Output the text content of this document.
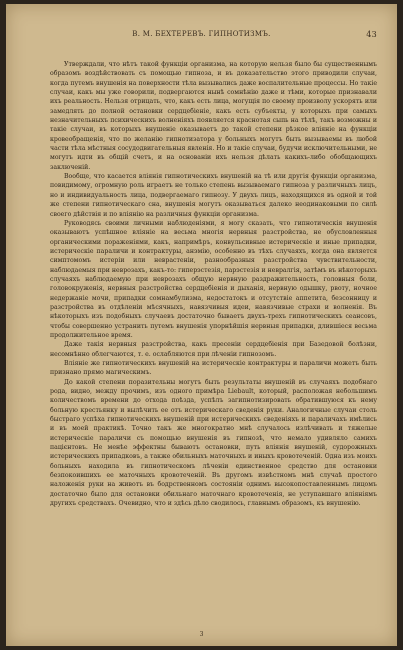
В. М. БЕХТЕРЕВЪ. ГИПНОТИЗМЪ.	43

Утверждали, что нѣтъ такой функціи организма, на которую нельзя было бы существеннымъ образомъ воздѣйствовать съ помощью гипноза, и въ доказательство этого приводили случаи, когда путемъ внушенія на поверхности тѣла вызывались даже воспалительные процессы. Но такіе случаи, какъ мы уже говорили, подвергаются нынѣ сомнѣнію даже и тѣми, которые признавали ихъ реальность. Нельзя отрицать, что, какъ есть лица, могущія по своему произволу ускорять или замедлять до полной остановки сердцебіеніе, какъ есть субъекты, у которыхъ при самыхъ незначительныхъ психическихъ волненіяхъ появляется краснотая сыпь на тѣлѣ, такъ возможны и такіе случаи, въ которыхъ внушеніе оказываетъ до такой степени рѣзкое вліяніе на функціи кровеобращенія, что по желанію гипнотизатора у больныхъ могутъ быть вызываемы въ любой части тѣла мѣстныя сосудодвигательныя явленія. Но и такіе случаи, будучи исключительными, не могутъ идти въ общій счетъ, и на основаніи ихъ нельзя дѣлать какихъ-либо обобщающихъ заключеній.

Вообще, что касается вліянія гипнотическихъ внушеній на тѣ или другія функціи организма, повидимому, огромную роль играетъ не только степень вызываемаго гипноза у различныхъ лицъ, но и индивидуальность лица, подвергаемаго гипнозу. У двухъ лицъ, находящихся въ одной и той же степени гипнотическаго сна, внушенія могутъ оказываться далеко неодинаковыми по силѣ своего дѣйствія и по вліянію на различныя функціи организма.

Руководясь своими личными наблюденіями, я могу сказать, что гипнотическія внушенія оказываютъ успѣшное вліяніе на весьма многія нервныя разстройства, не обусловленныя органическими пораженіями, какъ, напримѣръ, конвульсивные истерическіе и иные припадки, истерическіе параличи и контрактуры, анэмію, особенно въ тѣхъ случаяхъ, когда она является симптомомъ истеріи или неврастеніи, разнообразныя разстройства чувствительности, наблюдаемыя при неврозахъ, какъ-то: гиперэстезія, парэстезія и невралгія, затѣмъ въ нѣкоторыхъ случаяхъ наблюдаемую при неврозахъ общую нервную раздражительность, головныя боли, головокруженія, нервныя разстройства сердцебіенія и дыханія, нервную одышку, рвоту, ночное недержаніе мочи, припадки сомнамбулизма, недостатокъ и отсутствіе аппетита, безсонницу и разстройства въ отдѣленіи мѣсячныхъ, навязчивыя идеи, навязчивые страхи и волненія. Въ нѣкоторыхъ изъ подобныхъ случаевъ достаточно бываетъ двухъ-трехъ гипнотическихъ сеансовъ, чтобы совершенно устранить путемъ внушенія упорнѣйшія нервныя припадки, длившіеся весьма продолжительное время.

Даже такія нервныя разстройства, какъ пресеніи сердцебіенія при Базедовой болѣзни, несомнѣнно облегчаются, т. е. ослабляются при лѣченіи гипнозомъ.

Вліяніе же гипнотическихъ внушеній на истерическіе контрактуры и параличи можетъ быть признано прямо магическимъ.

До какой степени поразительны могутъ быть результаты внушеній въ случаяхъ подобнаго рода, видно, между прочимъ, изъ одного примѣра Liebault, который, расположая небольшимъ количествомъ времени до отхода поѣзда, успѣлъ загипнотизировать обратившуюся къ нему больную крестьянку и вылѣчить ее отъ истерическаго сведенія руки. Аналогичные случаи столь быстраго успѣха гипнотическихъ внушеній при истерическихъ сведеніяхъ и параличахъ имѣлись и въ моей практикѣ. Точно такъ же многократно мнѣ случалось излѣчивать и тяжелые истерическіе параличи съ помощью внушенія въ гипнозѣ, что немало удивляло самихъ пацієнтовъ. Не менѣе эффектны бываютъ остановки, путь вліянія внушеній, судорожныхъ истерическихъ припадковъ, а также обильныхъ маточныхъ и иныхъ кровотеченій. Одна изъ моихъ больныхъ находила въ гипнотическомъ лѣченіи единственное средство для остановки безпокоившихъ ее маточныхъ кровотеченій. Въ другомъ извѣстномъ мнѣ случаѣ простого наложенія руки на животъ въ бодрственномъ состояніи однимъ высокопоставленнымъ лицомъ достаточно было для остановки обильнаго маточнаго кровотеченія, не уступавшаго вліяніямъ другихъ средствахъ. Очевидно, что и здѣсь дѣло сводилось, главнымъ образомъ, къ внушенію.

3
